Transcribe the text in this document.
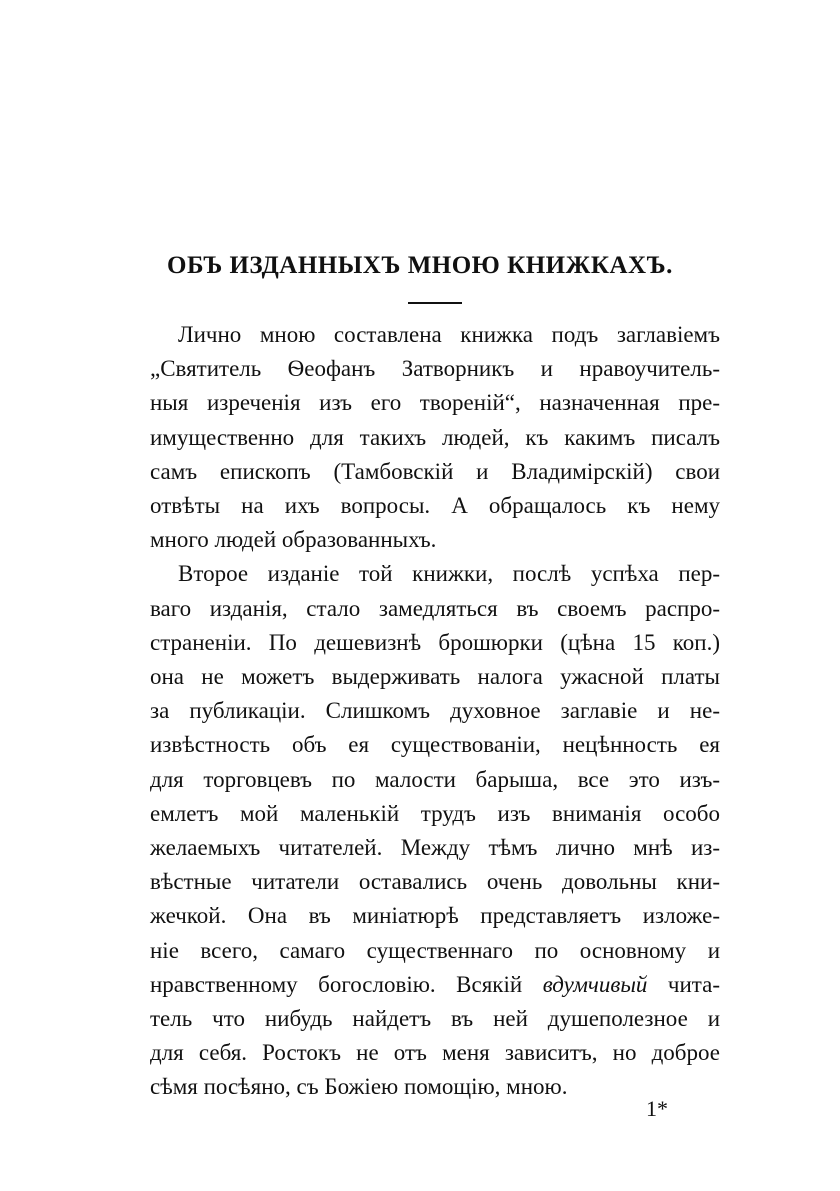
ОБЪ ИЗДАННЫХЪ МНОЮ КНИЖКАХЪ.

Лично мною составлена книжка подъ заглавіемъ
„Святитель Ѳеофанъ Затворникъ и нравоучитель-
ныя изреченія изъ его твореній“, назначенная пре-
имущественно для такихъ людей, къ какимъ писалъ
самъ епископъ (Тамбовскій и Владимірскій) свои
отвѣты на ихъ вопросы. А обращалось къ нему
много людей образованныхъ.

Второе изданіе той книжки, послѣ успѣха пер-
ваго изданія, стало замедляться въ своемъ распро-
страненіи. По дешевизнѣ брошюрки (цѣна 15 коп.)
она не можетъ выдерживать налога ужасной платы
за публикаціи. Слишкомъ духовное заглавіе и не-
извѣстность объ ея существованіи, нецѣнность ея
для торговцевъ по малости барыша, все это изъ-
емлетъ мой маленькій трудъ изъ вниманія особо
желаемыхъ читателей. Между тѣмъ лично мнѣ из-
вѣстные читатели оставались очень довольны кни-
жечкой. Она въ миніатюрѣ представляетъ изложе-
ніе всего, самаго существеннаго по основному и
нравственному богословію. Всякій вдумчивый чита-
тель что нибудь найдетъ въ ней душеполезное и
для себя. Ростокъ не отъ меня зависитъ, но доброе
сѣмя посѣяно, съ Божіею помощію, мною.

1*
